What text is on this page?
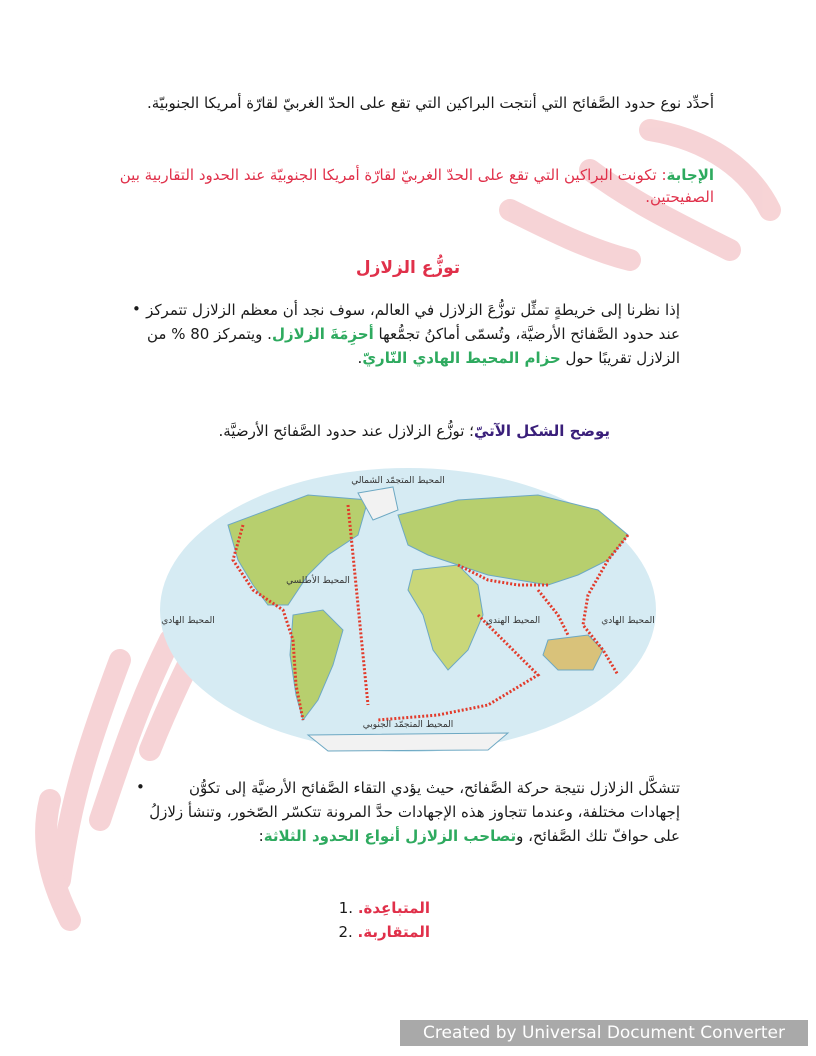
أحدِّد نوع حدود الصَّفائح التي أنتجت البراكين التي تقع على الحدّ الغربيّ لقارّة أمريكا الجنوبيّة.
الإجابة: تكونت البراكين التي تقع على الحدّ الغربيّ لقارّة أمريكا الجنوبيّة عند الحدود التقاربية بين الصفيحتين.
توزُّع الزلازل
• إذا نظرنا إلى خريطةٍ تمثِّل توزُّعَ الزلازل في العالم، سوف نجد أن معظم الزلازل تتمركز عند حدود الصَّفائح الأرضيَّة، وتُسمّى أماكنُ تجمُّعها أحزِمَةَ الزلازل. ويتمركز 80 % من الزلازل تقريبًا حول حزام المحيط الهادي النّاريّ.
يوضح الشكل الآتيّ؛ توزُّع الزلازل عند حدود الصَّفائح الأرضيَّة.
المحيط المتجمّد الشمالي
المحيط الأطلسي
المحيط الهادي	المحيط الهادي
المحيط الهندي
المحيط المتجمّد الجنوبي
•	تتشكَّل الزلازل نتيجة حركة الصَّفائح، حيث يؤدي التقاء الصَّفائح الأرضيَّة إلى تكوُّن إجهادات مختلفة، وعندما تتجاوز هذه الإجهادات حدَّ المرونة تتكسّر الصّخور، وتنشأ زلازلُ على حوافّ تلك الصَّفائح، وتصاحب الزلازل أنواع الحدود الثلاثة:
المتباعِدة. .1
المتقاربة. .2
Created by Universal Document Converter
